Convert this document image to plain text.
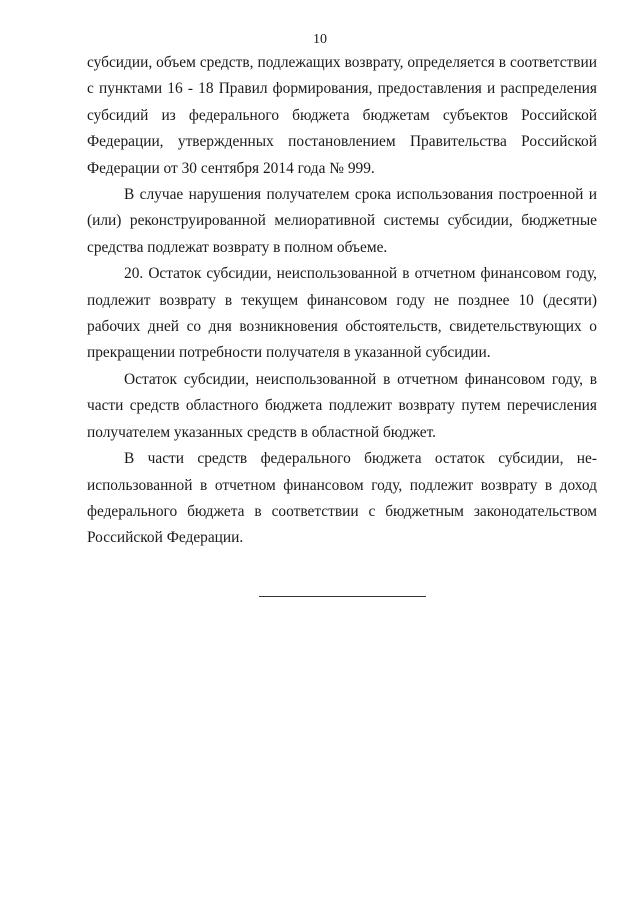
10

субсидии, объем средств, подлежащих возврату, определяется в соответствии с пунктами 16 - 18 Правил формирования, предоставления и распределения субсидий из федерального бюджета бюджетам субъектов Российской Федерации, утвержденных постановлением Правительства Российской Федерации от 30 сентября 2014 года № 999.

В случае нарушения получателем срока использования построенной и (или) реконструированной мелиоративной системы субсидии, бюджетные средства подлежат возврату в полном объеме.

20. Остаток субсидии, неиспользованной в отчетном финансовом году, подлежит возврату в текущем финансовом году не позднее 10 (десяти) рабочих дней со дня возникновения обстоятельств, свидетельствующих о прекращении потребности получателя в указанной субсидии.

Остаток субсидии, неиспользованной в отчетном финансовом году, в части средств областного бюджета подлежит возврату путем перечисления получателем указанных средств в областной бюджет.

В части средств федерального бюджета остаток субсидии, неиспользованной в отчетном финансовом году, подлежит возврату в доход федерального бюджета в соответствии с бюджетным законодательством Российской Федерации.
